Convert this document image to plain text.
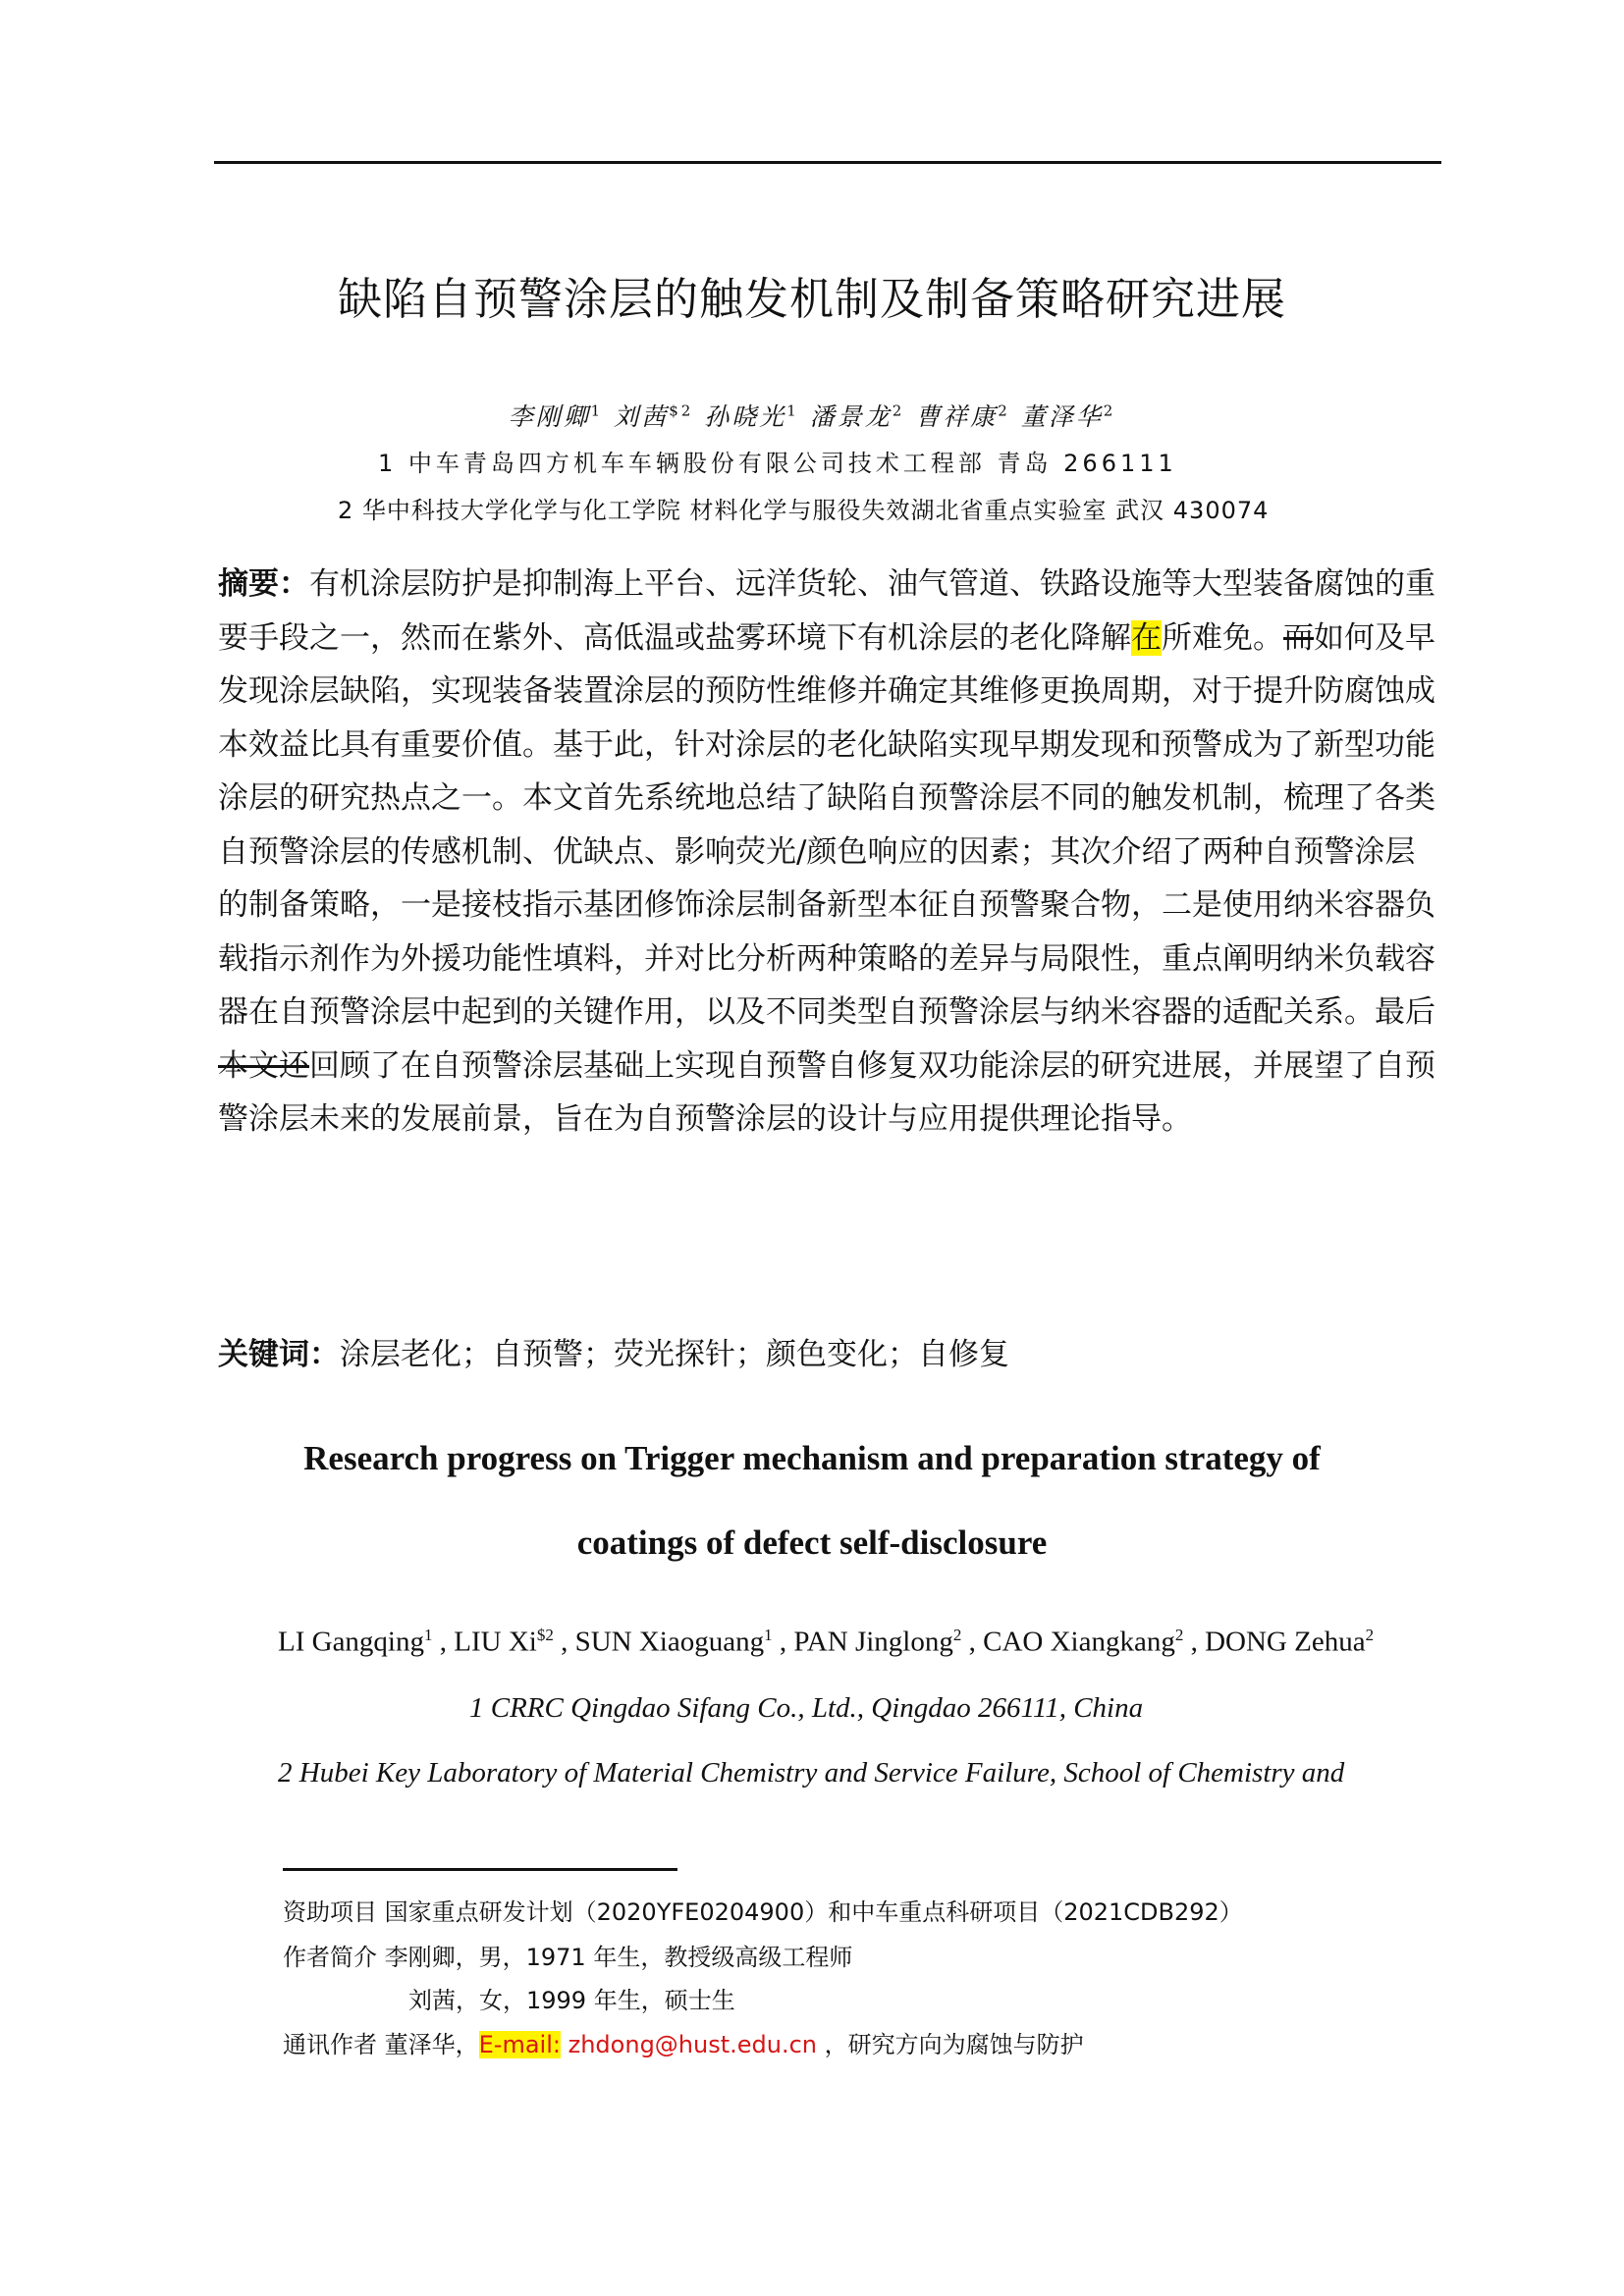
缺陷自预警涂层的触发机制及制备策略研究进展
李刚卿$^1$ 刘茜$^{\$2}$ 孙晓光$^1$ 潘景龙$^2$ 曹祥康$^2$ 董泽华$^2$
1 中车青岛四方机车车辆股份有限公司技术工程部 青岛 266111
2 华中科技大学化学与化工学院 材料化学与服役失效湖北省重点实验室 武汉 430074
摘要：有机涂层防护是抑制海上平台、远洋货轮、油气管道、铁路设施等大型装备腐蚀的重要手段之一，然而在紫外、高低温或盐雾环境下有机涂层的老化降解在所难免。而如何及早发现涂层缺陷，实现装备装置涂层的预防性维修并确定其维修更换周期，对于提升防腐蚀成本效益比具有重要价值。基于此，针对涂层的老化缺陷实现早期发现和预警成为了新型功能涂层的研究热点之一。本文首先系统地总结了缺陷自预警涂层不同的触发机制，梳理了各类自预警涂层的传感机制、优缺点、影响荧光/颜色响应的因素；其次介绍了两种自预警涂层的制备策略，一是接枝指示基团修饰涂层制备新型本征自预警聚合物，二是使用纳米容器负载指示剂作为外援功能性填料，并对比分析两种策略的差异与局限性，重点阐明纳米负载容器在自预警涂层中起到的关键作用，以及不同类型自预警涂层与纳米容器的适配关系。最后本文还回顾了在自预警涂层基础上实现自预警自修复双功能涂层的研究进展，并展望了自预警涂层未来的发展前景，旨在为自预警涂层的设计与应用提供理论指导。
关键词：涂层老化；自预警；荧光探针；颜色变化；自修复
Research progress on Trigger mechanism and preparation strategy of
coatings of defect self-disclosure
LI Gangqing$^1$ , LIU $Xi^{\$2}$ , SUN Xiaoguang$^1$ , PAN Jinglong$^2$ , CAO Xiangkang$^2$ , DONG Zehua$^2$
1 CRRC Qingdao Sifang Co., Ltd., Qingdao 266111, China
2 Hubei Key Laboratory of Material Chemistry and Service Failure, School of Chemistry and
资助项目 国家重点研发计划（2020YFE0204900）和中车重点科研项目（2021CDB292）
作者简介 李刚卿，男，1971 年生，教授级高级工程师
刘茜，女，1999 年生，硕士生
通讯作者 董泽华，E-mail: zhdong@hust.edu.cn ，研究方向为腐蚀与防护
